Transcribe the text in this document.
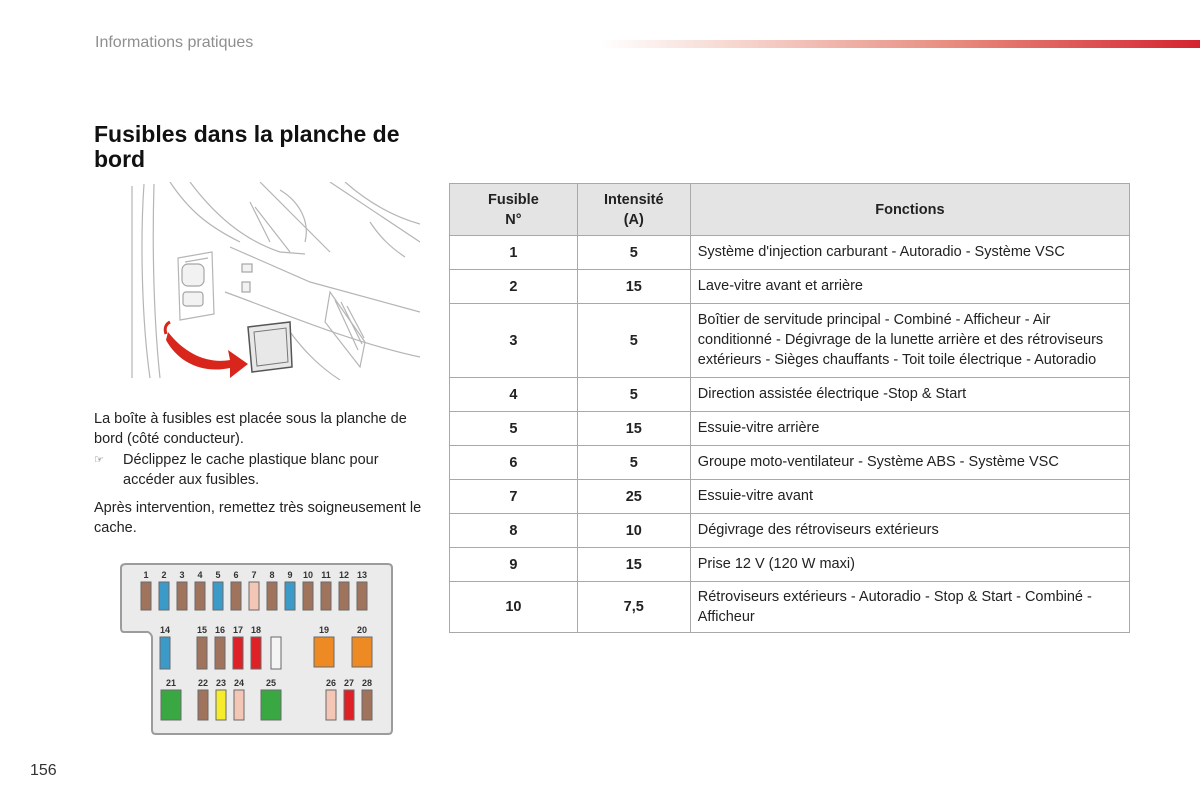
Informations pratiques
Fusibles dans la planche de bord

La boîte à fusibles est placée sous la planche de bord (côté conducteur).

☞ Déclippez le cache plastique blanc pour accéder aux fusibles.

Après intervention, remettez très soigneusement le cache.

1 2 3 4 5 6 7 8 9 10 11 12 13
14	15 16 17 18	19	20
21 22 23 24 25	26 27 28
Fusible N°	Intensité (A)	Fonctions
1	5	Système d'injection carburant - Autoradio - Système VSC
2	15	Lave-vitre avant et arrière
3	5	Boîtier de servitude principal - Combiné - Afficheur - Air conditionné - Dégivrage de la lunette arrière et des rétroviseurs extérieurs - Sièges chauffants - Toit toile électrique - Autoradio
4	5	Direction assistée électrique -Stop & Start
5	15	Essuie-vitre arrière
6	5	Groupe moto-ventilateur - Système ABS - Système VSC
7	25	Essuie-vitre avant
8	10	Dégivrage des rétroviseurs extérieurs
9	15	Prise 12 V (120 W maxi)
10	7,5	Rétroviseurs extérieurs - Autoradio - Stop & Start - Combiné - Afficheur
156
